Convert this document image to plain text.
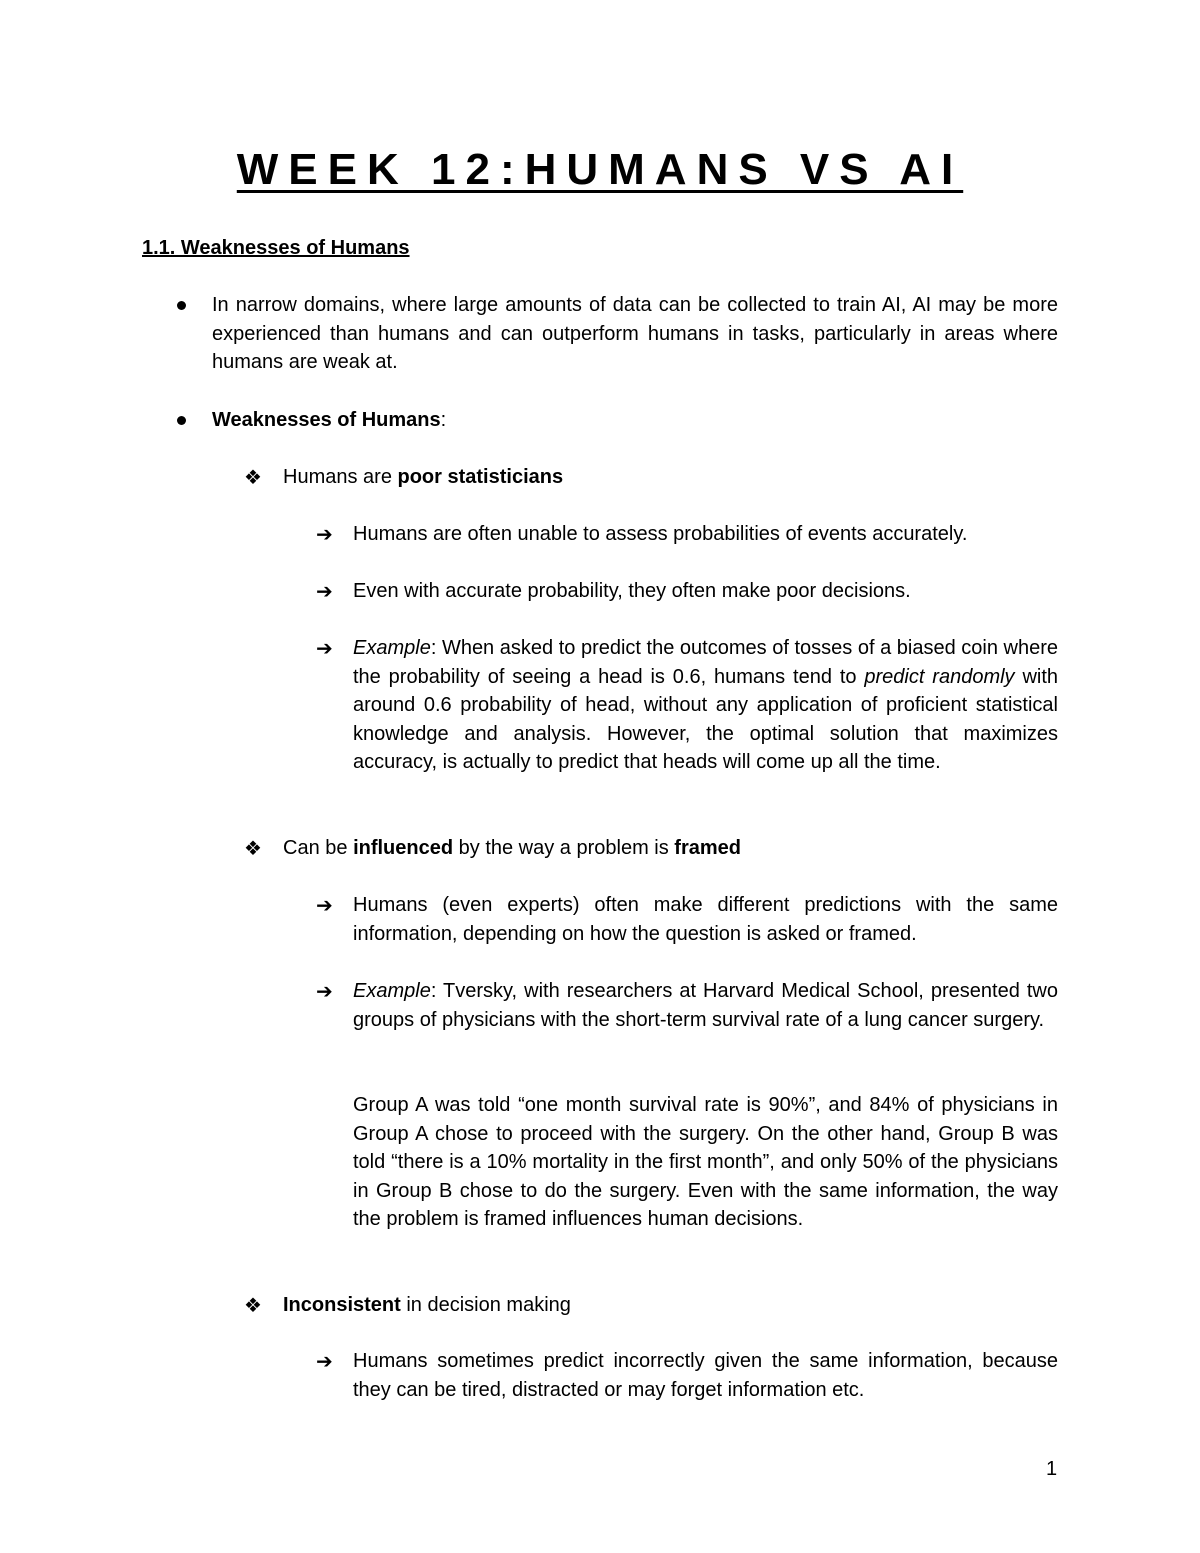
WEEK 12:HUMANS VS AI
1.1. Weaknesses of Humans
In narrow domains, where large amounts of data can be collected to train AI, AI may be more experienced than humans and can outperform humans in tasks, particularly in areas where humans are weak at.
Weaknesses of Humans:
❖ Humans are poor statisticians
➔ Humans are often unable to assess probabilities of events accurately.
➔ Even with accurate probability, they often make poor decisions.
➔ Example: When asked to predict the outcomes of tosses of a biased coin where the probability of seeing a head is 0.6, humans tend to predict randomly with around 0.6 probability of head, without any application of proficient statistical knowledge and analysis. However, the optimal solution that maximizes accuracy, is actually to predict that heads will come up all the time.
❖ Can be influenced by the way a problem is framed
➔ Humans (even experts) often make different predictions with the same information, depending on how the question is asked or framed.
➔ Example: Tversky, with researchers at Harvard Medical School, presented two groups of physicians with the short-term survival rate of a lung cancer surgery.
Group A was told “one month survival rate is 90%”, and 84% of physicians in Group A chose to proceed with the surgery. On the other hand, Group B was told “there is a 10% mortality in the first month”, and only 50% of the physicians in Group B chose to do the surgery. Even with the same information, the way the problem is framed influences human decisions.
❖ Inconsistent in decision making
➔ Humans sometimes predict incorrectly given the same information, because they can be tired, distracted or may forget information etc.
1
